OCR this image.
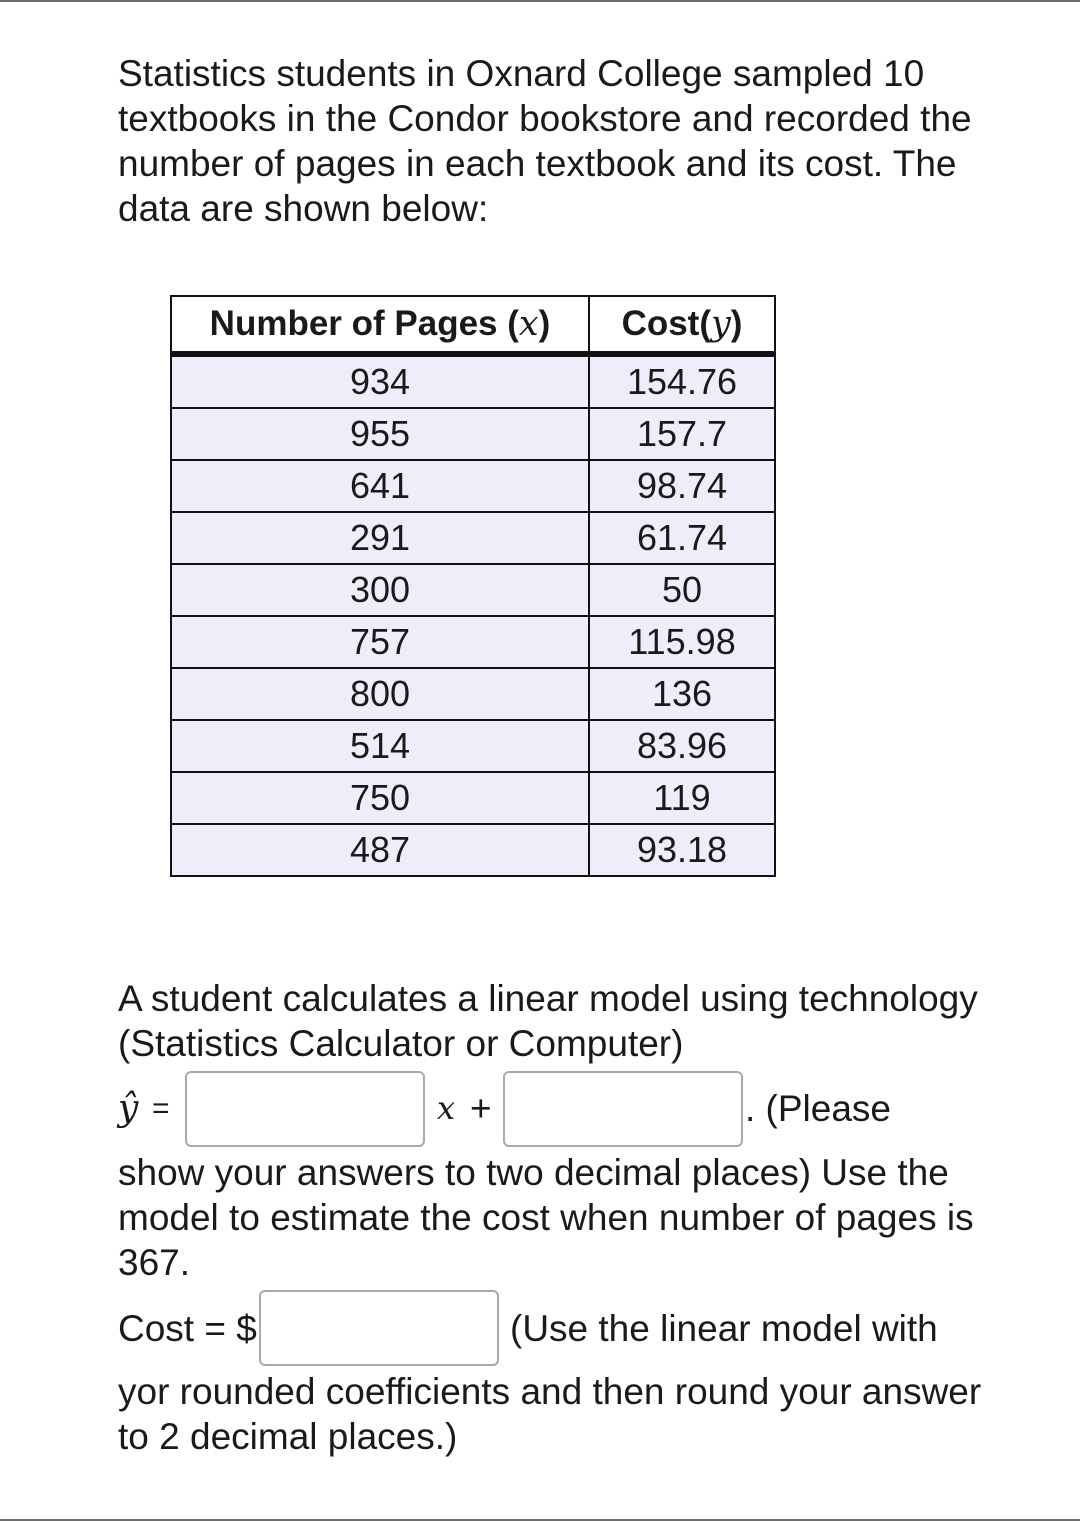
Statistics students in Oxnard College sampled 10 textbooks in the Condor bookstore and recorded the number of pages in each textbook and its cost. The data are shown below:
Number of Pages (x)	Cost(y)
934	154.76
955	157.7
641	98.74
291	61.74
300	50
757	115.98
800	136
514	83.96
750	119
487	93.18
A student calculates a linear model using technology (Statistics Calculator or Computer)
ŷ =	x +	. (Please
show your answers to two decimal places) Use the model to estimate the cost when number of pages is 367.
Cost = $	(Use the linear model with
yor rounded coefficients and then round your answer to 2 decimal places.)
